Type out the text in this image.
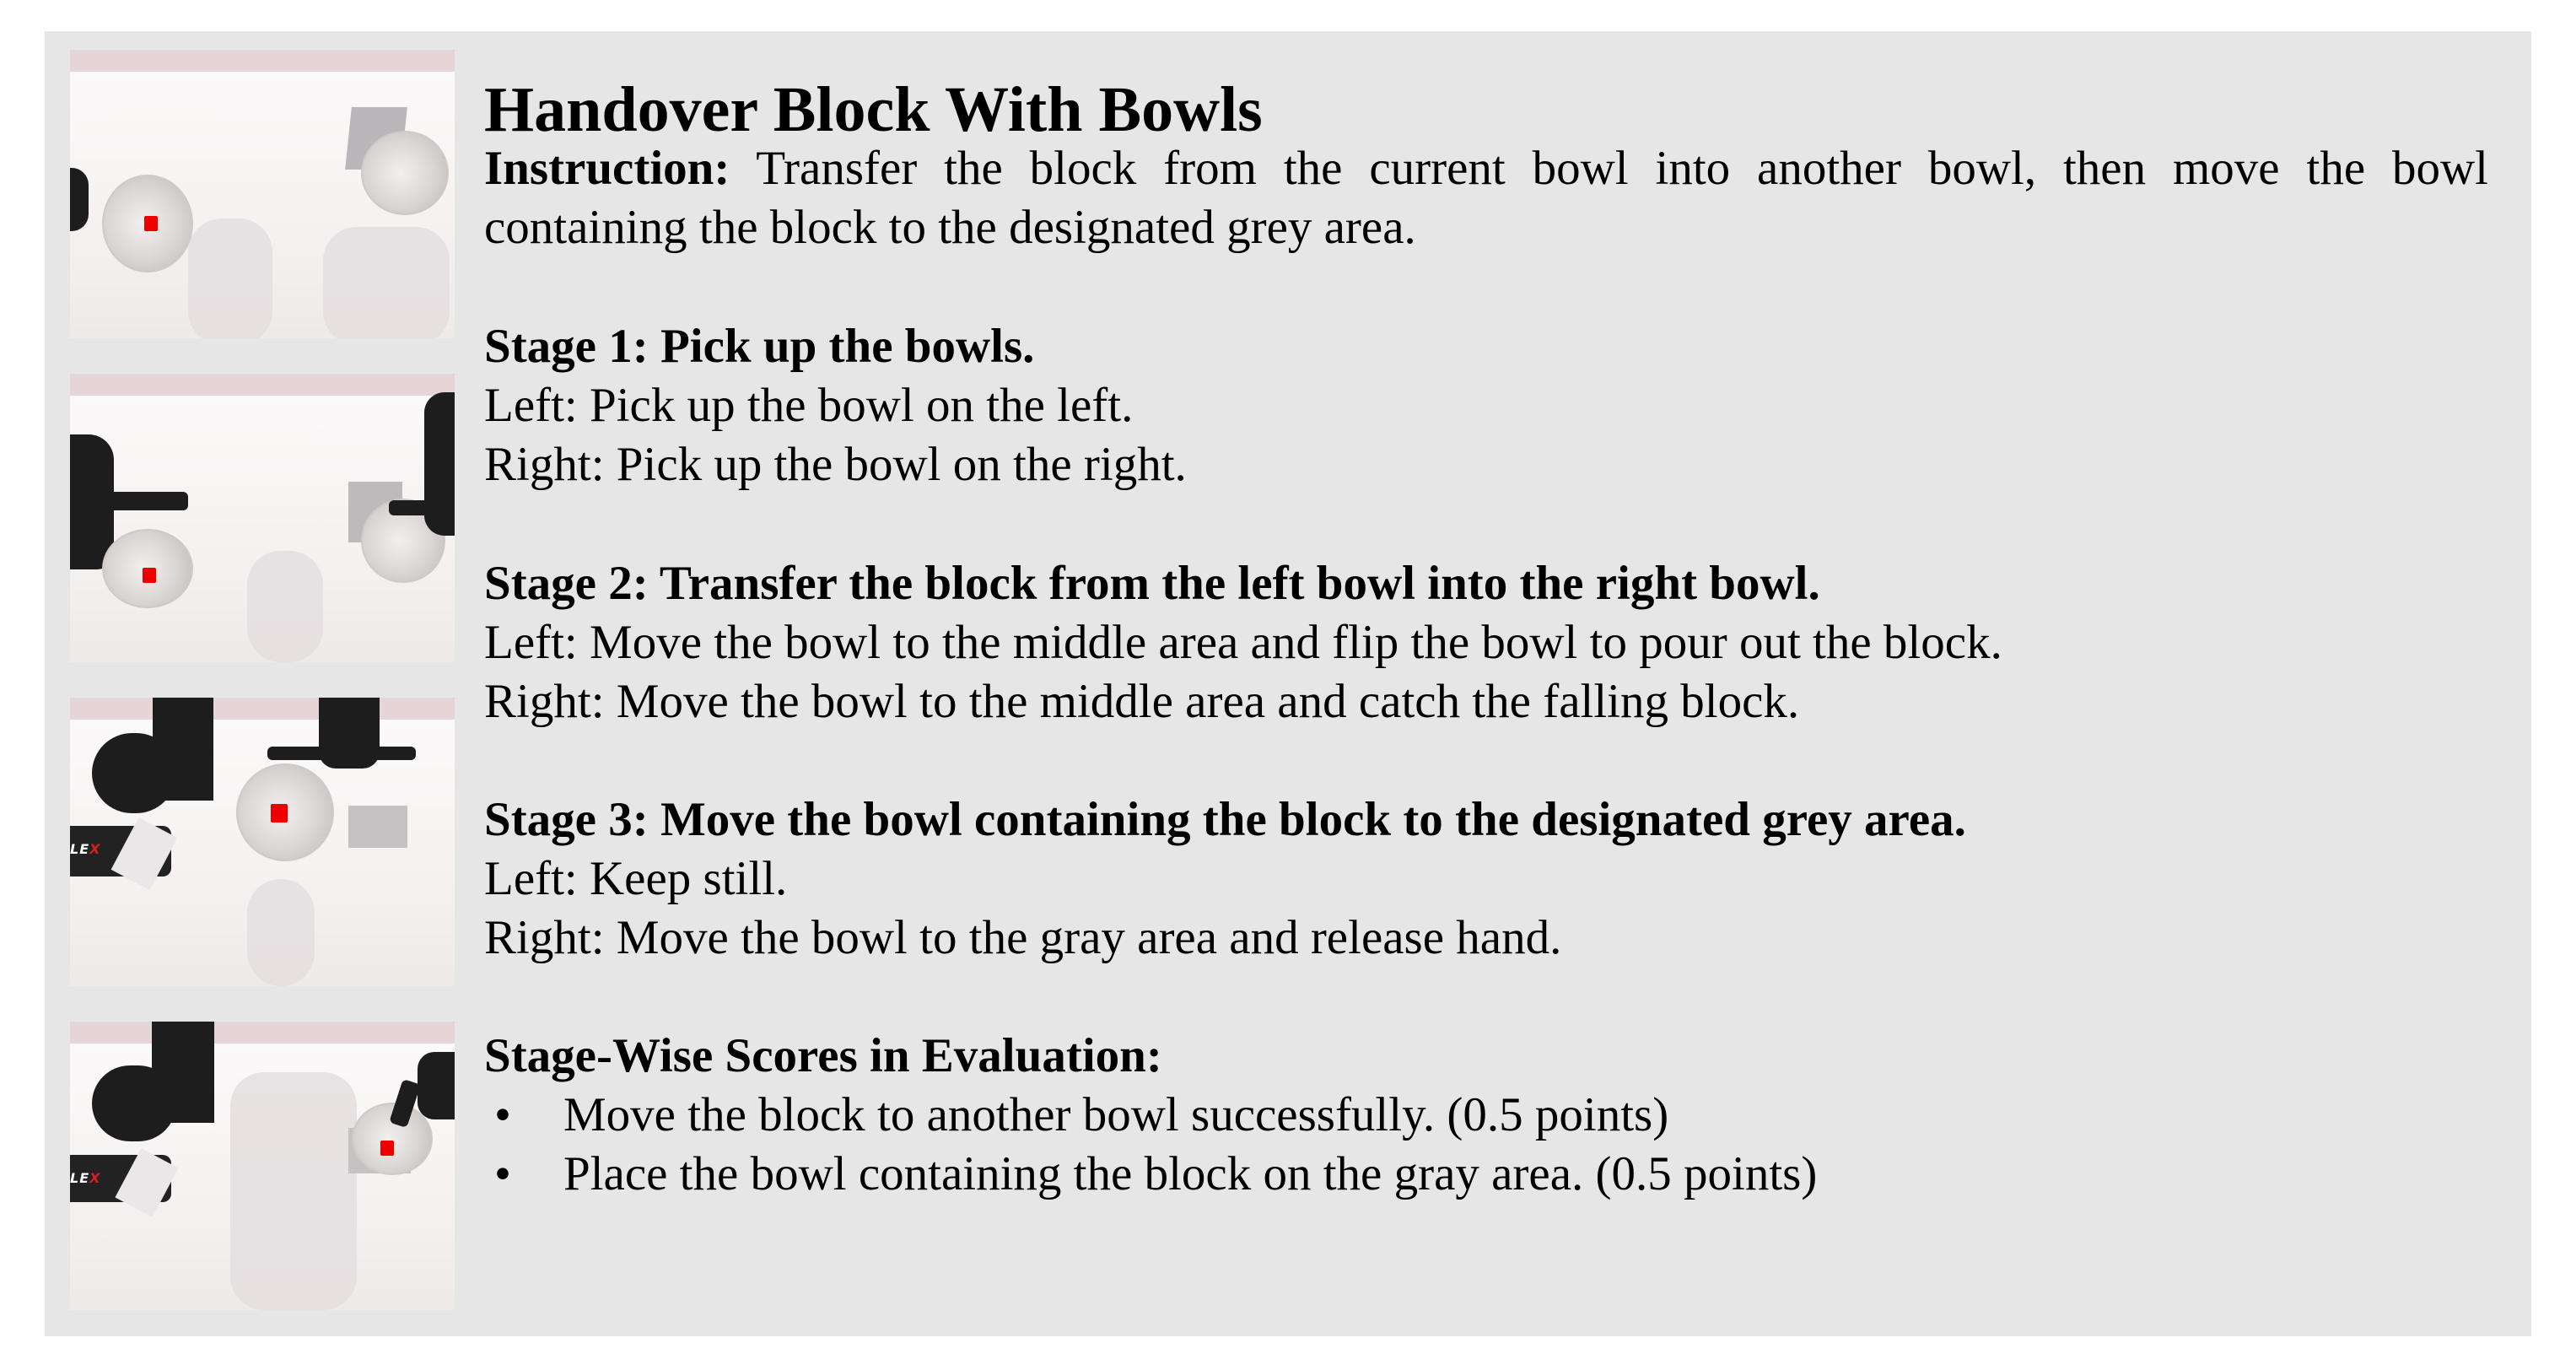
LEX
LEX
Handover Block With Bowls
Instruction: Transfer the block from the current bowl into another bowl, then move the bowl
containing the block to the designated grey area.
Stage 1: Pick up the bowls.
Left: Pick up the bowl on the left.
Right: Pick up the bowl on the right.
Stage 2: Transfer the block from the left bowl into the right bowl.
Left: Move the bowl to the middle area and flip the bowl to pour out the block.
Right: Move the bowl to the middle area and catch the falling block.
Stage 3: Move the bowl containing the block to the designated grey area.
Left: Keep still.
Right: Move the bowl to the gray area and release hand.
Stage-Wise Scores in Evaluation:
• Move the block to another bowl successfully. (0.5 points)
• Place the bowl containing the block on the gray area. (0.5 points)
